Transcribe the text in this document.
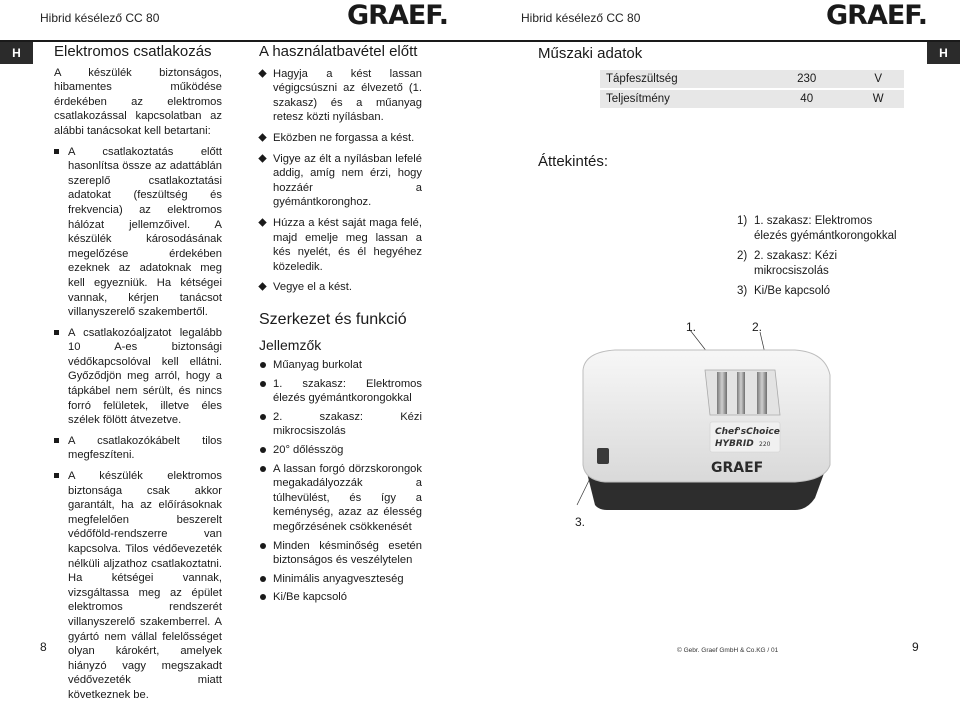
Hibrid késélező CC 80	GRAEF.	Hibrid késélező CC 80	GRAEF.
H	H
Elektromos csatlakozás

A készülék biztonságos, hibamentes működése érdekében az elektromos csatlakozással kapcsolatban az alábbi tanácsokat kell betartani:

A csatlakoztatás előtt hasonlítsa össze az adattáblán szereplő csatlakoztatási adatokat (feszültség és frekvencia) az elektromos hálózat jellemzőivel. A készülék károsodásának megelőzése érdekében ezeknek az adatoknak meg kell egyezniük. Ha kétségei vannak, kérjen tanácsot villanyszerelő szakembertől.
A csatlakozóaljzatot legalább 10 A-es biztonsági védőkapcsolóval kell ellátni. Győződjön meg arról, hogy a tápkábel nem sérült, és nincs forró felületek, illetve éles szélek fölött átvezetve.
A csatlakozókábelt tilos megfeszíteni.
A készülék elektromos biztonsága csak akkor garantált, ha az előírásoknak megfelelően beszerelt védőföld-rendszerre van kapcsolva. Tilos védőevezeték nélküli aljzathoz csatlakoztatni. Ha kétségei vannak, vizsgáltassa meg az épület elektromos rendszerét villanyszerelő szakemberrel. A gyártó nem vállal felelősséget olyan károkért, amelyek hiányzó vagy megszakadt védővezeték miatt következnek be.
A használatbavétel előtt
Hagyja a kést lassan végigcsúszni az élvezető (1. szakasz) és a műanyag retesz közti nyílásban.
Eközben ne forgassa a kést.
Vigye az élt a nyílásban lefelé addig, amíg nem érzi, hogy hozzáér a gyémántkoronghoz.
Húzza a kést saját maga felé, majd emelje meg lassan a kés nyelét, és él hegyéhez közeledik.
Vegye el a kést.
Szerkezet és funkció
Jellemzők
Műanyag burkolat
1. szakasz: Elektromos élezés gyémántkorongokkal
2. szakasz: Kézi mikrocsiszolás
20° dőlésszög
A lassan forgó dörzskorongok megakadályozzák a túlhevülést, és így a keménység, azaz az élesség megőrzésének csökkenését
Minden késminőség esetén biztonságos és veszélytelen
Minimális anyagveszteség
Ki/Be kapcsoló
Műszaki adatok
Tápfeszültség	230	V
Teljesítmény	40	W
Áttekintés:
1) 1. szakasz: Elektromos élezés gyémántkorongokkal
2) 2. szakasz: Kézi mikrocsiszolás
3) Ki/Be kapcsoló
1.	2.
3.
Chef'sChoice
HYBRID 220
GRAEF
8	© Gebr. Graef GmbH & Co.KG / 01	9
